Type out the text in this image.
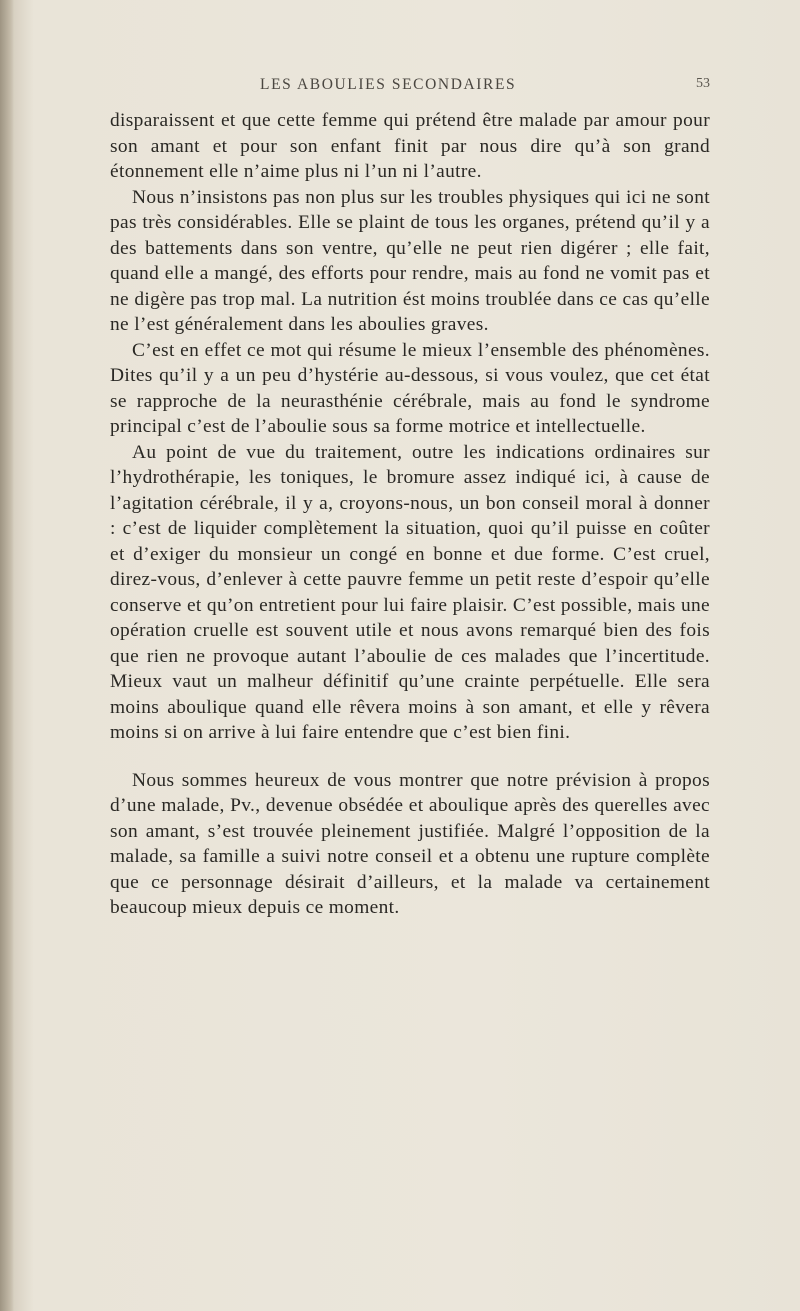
LES ABOULIES SECONDAIRES	53

disparaissent et que cette femme qui prétend être malade par amour pour son amant et pour son enfant finit par nous dire qu’à son grand étonnement elle n’aime plus ni l’un ni l’autre.

Nous n’insistons pas non plus sur les troubles physiques qui ici ne sont pas très considérables. Elle se plaint de tous les organes, prétend qu’il y a des battements dans son ventre, qu’elle ne peut rien digérer ; elle fait, quand elle a mangé, des efforts pour rendre, mais au fond ne vomit pas et ne digère pas trop mal. La nutrition ést moins troublée dans ce cas qu’elle ne l’est généralement dans les aboulies graves.

C’est en effet ce mot qui résume le mieux l’ensemble des phénomènes. Dites qu’il y a un peu d’hystérie au-dessous, si vous voulez, que cet état se rapproche de la neurasthénie cérébrale, mais au fond le syndrome principal c’est de l’aboulie sous sa forme motrice et intellectuelle.

Au point de vue du traitement, outre les indications ordinaires sur l’hydrothérapie, les toniques, le bromure assez indiqué ici, à cause de l’agitation cérébrale, il y a, croyons-nous, un bon conseil moral à donner : c’est de liquider complètement la situation, quoi qu’il puisse en coûter et d’exiger du monsieur un congé en bonne et due forme. C’est cruel, direz-vous, d’enlever à cette pauvre femme un petit reste d’espoir qu’elle conserve et qu’on entretient pour lui faire plaisir. C’est possible, mais une opération cruelle est souvent utile et nous avons remarqué bien des fois que rien ne provoque autant l’aboulie de ces malades que l’incertitude. Mieux vaut un malheur définitif qu’une crainte perpétuelle. Elle sera moins aboulique quand elle rêvera moins à son amant, et elle y rêvera moins si on arrive à lui faire entendre que c’est bien fini.

Nous sommes heureux de vous montrer que notre prévision à propos d’une malade, Pv., devenue obsédée et aboulique après des querelles avec son amant, s’est trouvée pleinement justifiée. Malgré l’opposition de la malade, sa famille a suivi notre conseil et a obtenu une rupture complète que ce personnage désirait d’ailleurs, et la malade va certainement beaucoup mieux depuis ce moment.
